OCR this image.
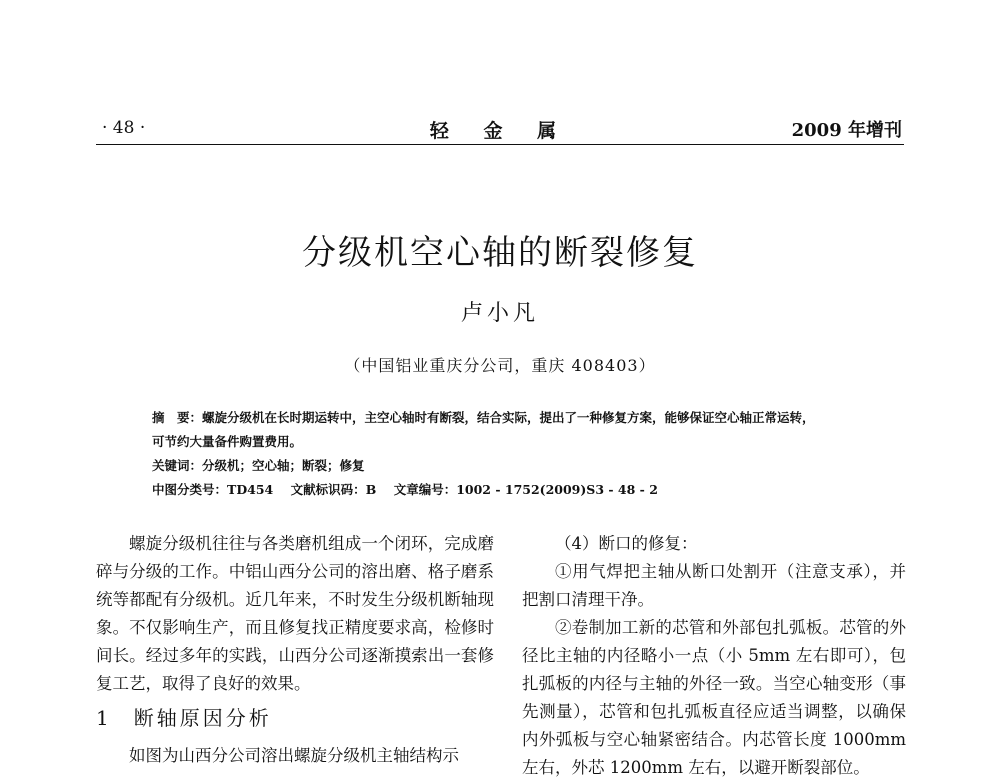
· 48 ·	轻 金 属	2009 年增刊
分级机空心轴的断裂修复
卢小凡
（中国铝业重庆分公司，重庆 408403）
摘　要：螺旋分级机在长时期运转中，主空心轴时有断裂，结合实际，提出了一种修复方案，能够保证空心轴正常运转，
可节约大量备件购置费用。
关键词：分级机；空心轴；断裂；修复
中图分类号：TD454 文献标识码：B 文章编号：1002 - 1752(2009)S3 - 48 - 2

螺旋分级机往往与各类磨机组成一个闭环，完成磨碎与分级的工作。中铝山西分公司的溶出磨、格子磨系统等都配有分级机。近几年来，不时发生分级机断轴现象。不仅影响生产，而且修复找正精度要求高，检修时间长。经过多年的实践，山西分公司逐渐摸索出一套修复工艺，取得了良好的效果。

1 断轴原因分析

如图为山西分公司溶出螺旋分级机主轴结构示

（4）断口的修复：

①用气焊把主轴从断口处割开（注意支承），并把割口清理干净。

②卷制加工新的芯管和外部包扎弧板。芯管的外径比主轴的内径略小一点（小 5mm 左右即可），包扎弧板的内径与主轴的外径一致。当空心轴变形（事先测量），芯管和包扎弧板直径应适当调整，以确保内外弧板与空心轴紧密结合。内芯管长度 1000mm 左右，外芯 1200mm 左右，以避开断裂部位。
